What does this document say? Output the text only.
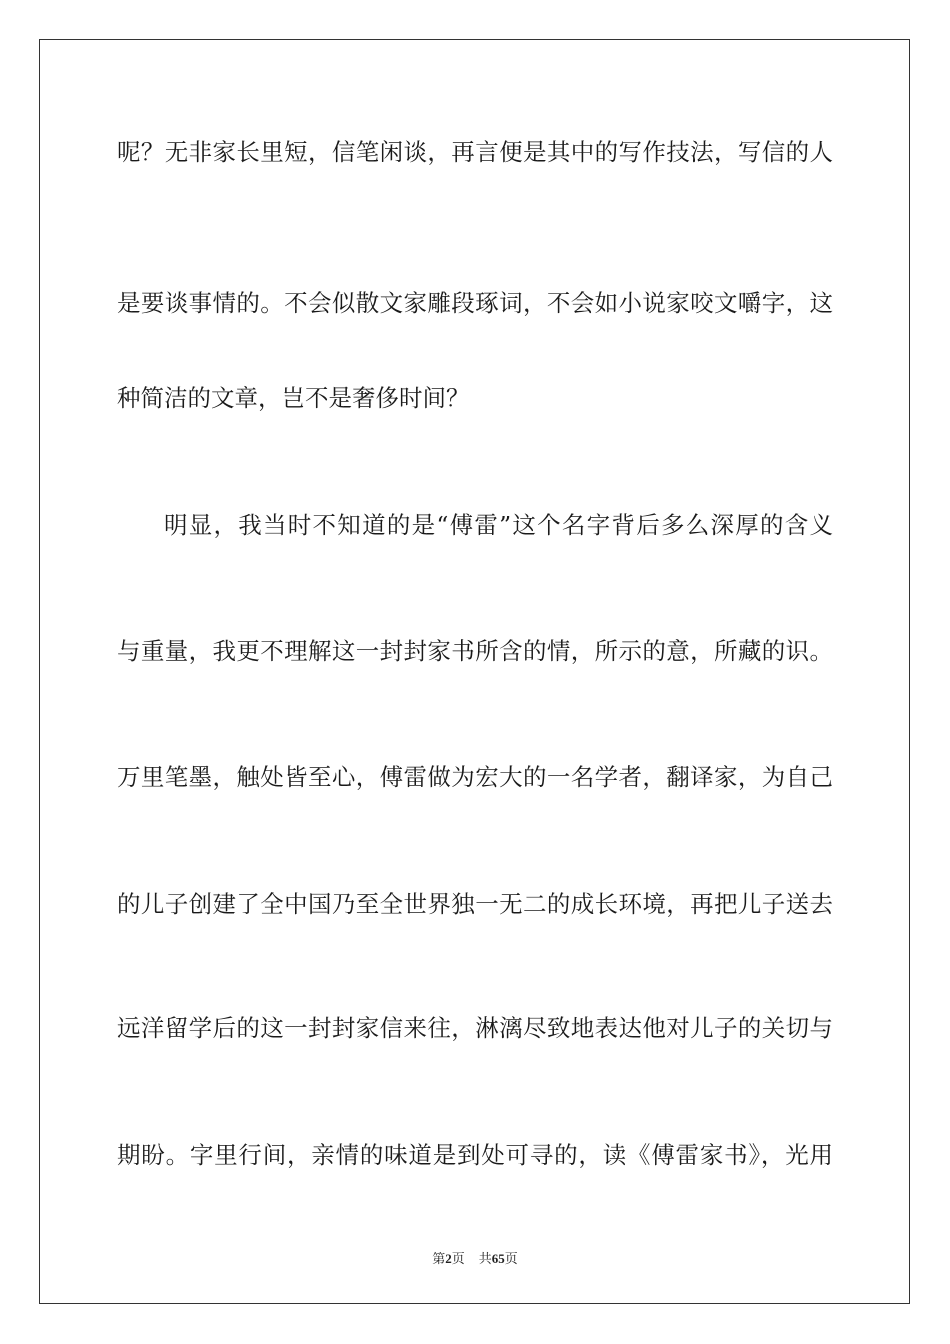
呢？无非家长里短，信笔闲谈，再言便是其中的写作技法，写信的人
是要谈事情的。不会似散文家雕段琢词，不会如小说家咬文嚼字，这
种简洁的文章，岂不是奢侈时间？
明显，我当时不知道的是“傅雷”这个名字背后多么深厚的含义
与重量，我更不理解这一封封家书所含的情，所示的意，所藏的识。
万里笔墨，触处皆至心，傅雷做为宏大的一名学者，翻译家，为自己
的儿子创建了全中国乃至全世界独一无二的成长环境，再把儿子送去
远洋留学后的这一封封家信来往，淋漓尽致地表达他对儿子的关切与
期盼。字里行间，亲情的味道是到处可寻的，读《傅雷家书》，光用
第2页 共65页
